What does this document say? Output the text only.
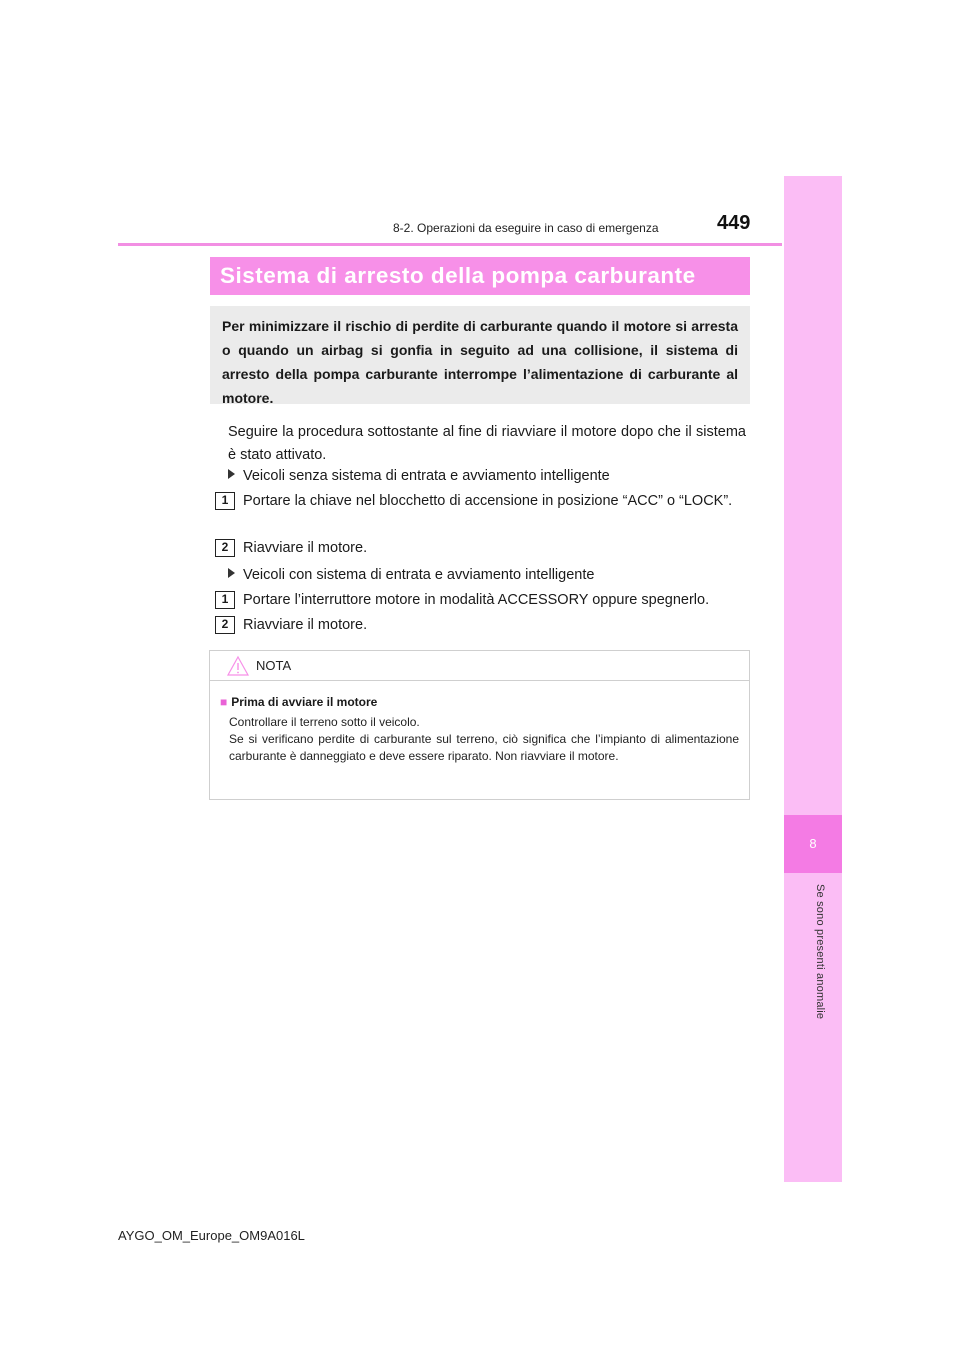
8
Se sono presenti anomalie
8-2. Operazioni da eseguire in caso di emergenza	449
Sistema di arresto della pompa carburante
Per minimizzare il rischio di perdite di carburante quando il motore si arresta o quando un airbag si gonfia in seguito ad una collisione, il sistema di arresto della pompa carburante interrompe l’alimentazione di carburante al motore.
Seguire la procedura sottostante al fine di riavviare il motore dopo che il sistema è stato attivato.
Veicoli senza sistema di entrata e avviamento intelligente
1	Portare la chiave nel blocchetto di accensione in posizione “ACC” o “LOCK”.
2	Riavviare il motore.
Veicoli con sistema di entrata e avviamento intelligente
1	Portare l’interruttore motore in modalità ACCESSORY oppure spegnerlo.
2	Riavviare il motore.
NOTA
■ Prima di avviare il motore
Controllare il terreno sotto il veicolo.
Se si verificano perdite di carburante sul terreno, ciò significa che l’impianto di alimentazione carburante è danneggiato e deve essere riparato. Non riavviare il motore.
AYGO_OM_Europe_OM9A016L
